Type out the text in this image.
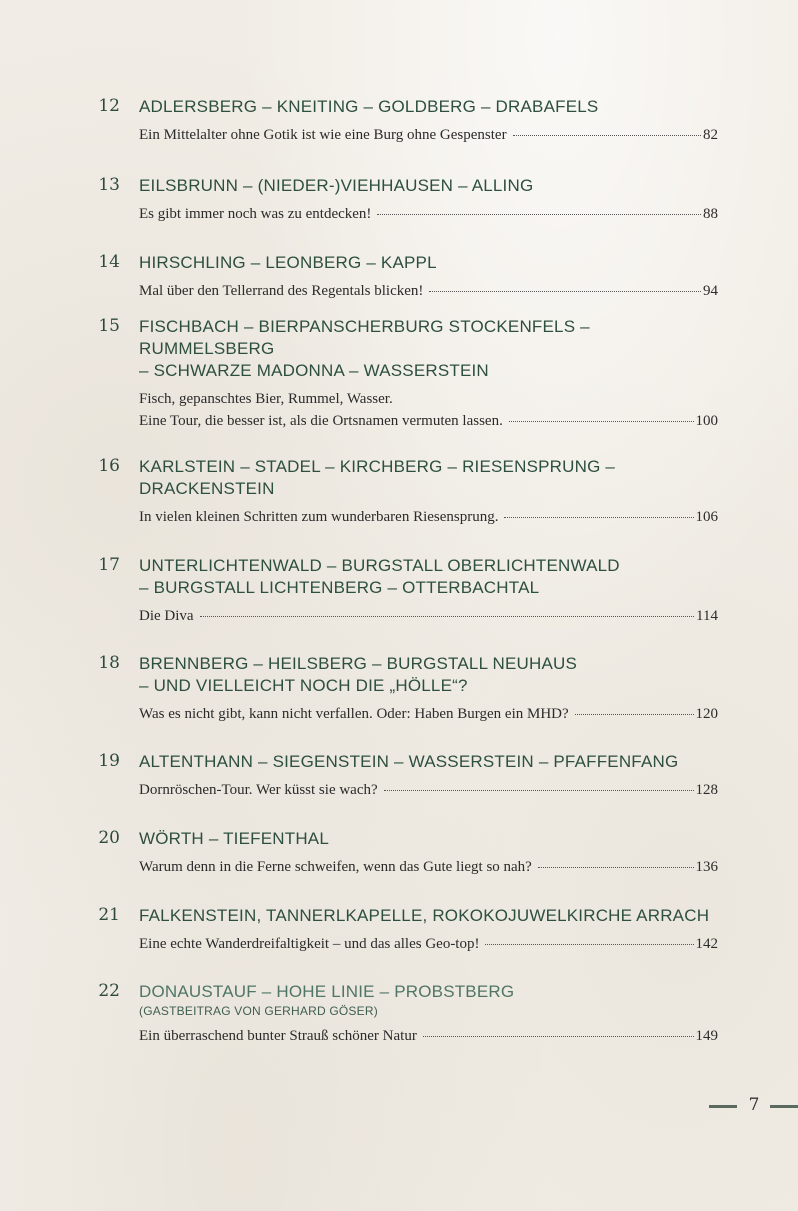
12 ADLERSBERG – KNEITING – GOLDBERG – DRABAFELS
Ein Mittelalter ohne Gotik ist wie eine Burg ohne Gespenster	82
13 EILSBRUNN – (NIEDER-)VIEHHAUSEN – ALLING
Es gibt immer noch was zu entdecken!	88
14 HIRSCHLING – LEONBERG – KAPPL
Mal über den Tellerrand des Regentals blicken!	94
15 FISCHBACH – BIERPANSCHERBURG STOCKENFELS – RUMMELSBERG
– SCHWARZE MADONNA – WASSERSTEIN
Fisch, gepanschtes Bier, Rummel, Wasser.
Eine Tour, die besser ist, als die Ortsnamen vermuten lassen.	100
16 KARLSTEIN – STADEL – KIRCHBERG – RIESENSPRUNG – DRACKENSTEIN
In vielen kleinen Schritten zum wunderbaren Riesensprung.	106
17 UNTERLICHTENWALD – BURGSTALL OBERLICHTENWALD
– BURGSTALL LICHTENBERG – OTTERBACHTAL
Die Diva	114
18 BRENNBERG – HEILSBERG – BURGSTALL NEUHAUS
– UND VIELLEICHT NOCH DIE „HÖLLE“?
Was es nicht gibt, kann nicht verfallen. Oder: Haben Burgen ein MHD?	120
19 ALTENTHANN – SIEGENSTEIN – WASSERSTEIN – PFAFFENFANG
Dornröschen-Tour. Wer küsst sie wach?	128
20 WÖRTH – TIEFENTHAL
Warum denn in die Ferne schweifen, wenn das Gute liegt so nah?	136
21 FALKENSTEIN, TANNERLKAPELLE, ROKOKOJUWELKIRCHE ARRACH
Eine echte Wanderdreifaltigkeit – und das alles Geo-top!	142
22 DONAUSTAUF – HOHE LINIE – PROBSTBERG
(GASTBEITRAG VON GERHARD GÖSER)
Ein überraschend bunter Strauß schöner Natur	149
7
